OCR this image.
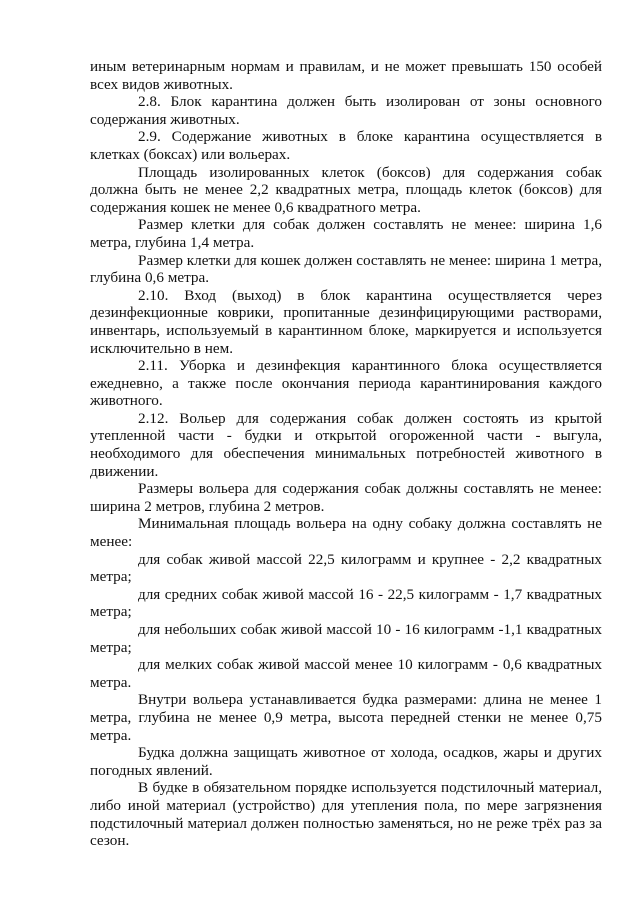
иным ветеринарным нормам и правилам, и не может превышать 150 особей всех видов животных.

2.8. Блок карантина должен быть изолирован от зоны основного содержания животных.

2.9. Содержание животных в блоке карантина осуществляется в клетках (боксах) или вольерах.

Площадь изолированных клеток (боксов) для содержания собак должна быть не менее 2,2 квадратных метра, площадь клеток (боксов) для содержания кошек не менее 0,6 квадратного метра.

Размер клетки для собак должен составлять не менее: ширина 1,6 метра, глубина 1,4 метра.

Размер клетки для кошек должен составлять не менее: ширина 1 метра, глубина 0,6 метра.

2.10. Вход (выход) в блок карантина осуществляется через дезинфекционные коврики, пропитанные дезинфицирующими растворами, инвентарь, используемый в карантинном блоке, маркируется и используется исключительно в нем.

2.11. Уборка и дезинфекция карантинного блока осуществляется ежедневно, а также после окончания периода карантинирования каждого животного.

2.12. Вольер для содержания собак должен состоять из крытой утепленной части - будки и открытой огороженной части - выгула, необходимого для обеспечения минимальных потребностей животного в движении.

Размеры вольера для содержания собак должны составлять не менее: ширина 2 метров, глубина 2 метров.

Минимальная площадь вольера на одну собаку должна составлять не менее:

для собак живой массой 22,5 килограмм и крупнее - 2,2 квадратных метра;

для средних собак живой массой 16 - 22,5 килограмм - 1,7 квадратных метра;

для небольших собак живой массой 10 - 16 килограмм -1,1 квадратных метра;

для мелких собак живой массой менее 10 килограмм - 0,6 квадратных метра.

Внутри вольера устанавливается будка размерами: длина не менее 1 метра, глубина не менее 0,9 метра, высота передней стенки не менее 0,75 метра.

Будка должна защищать животное от холода, осадков, жары и других погодных явлений.

В будке в обязательном порядке используется подстилочный материал, либо иной материал (устройство) для утепления пола, по мере загрязнения подстилочный материал должен полностью заменяться, но не реже трёх раз за сезон.
